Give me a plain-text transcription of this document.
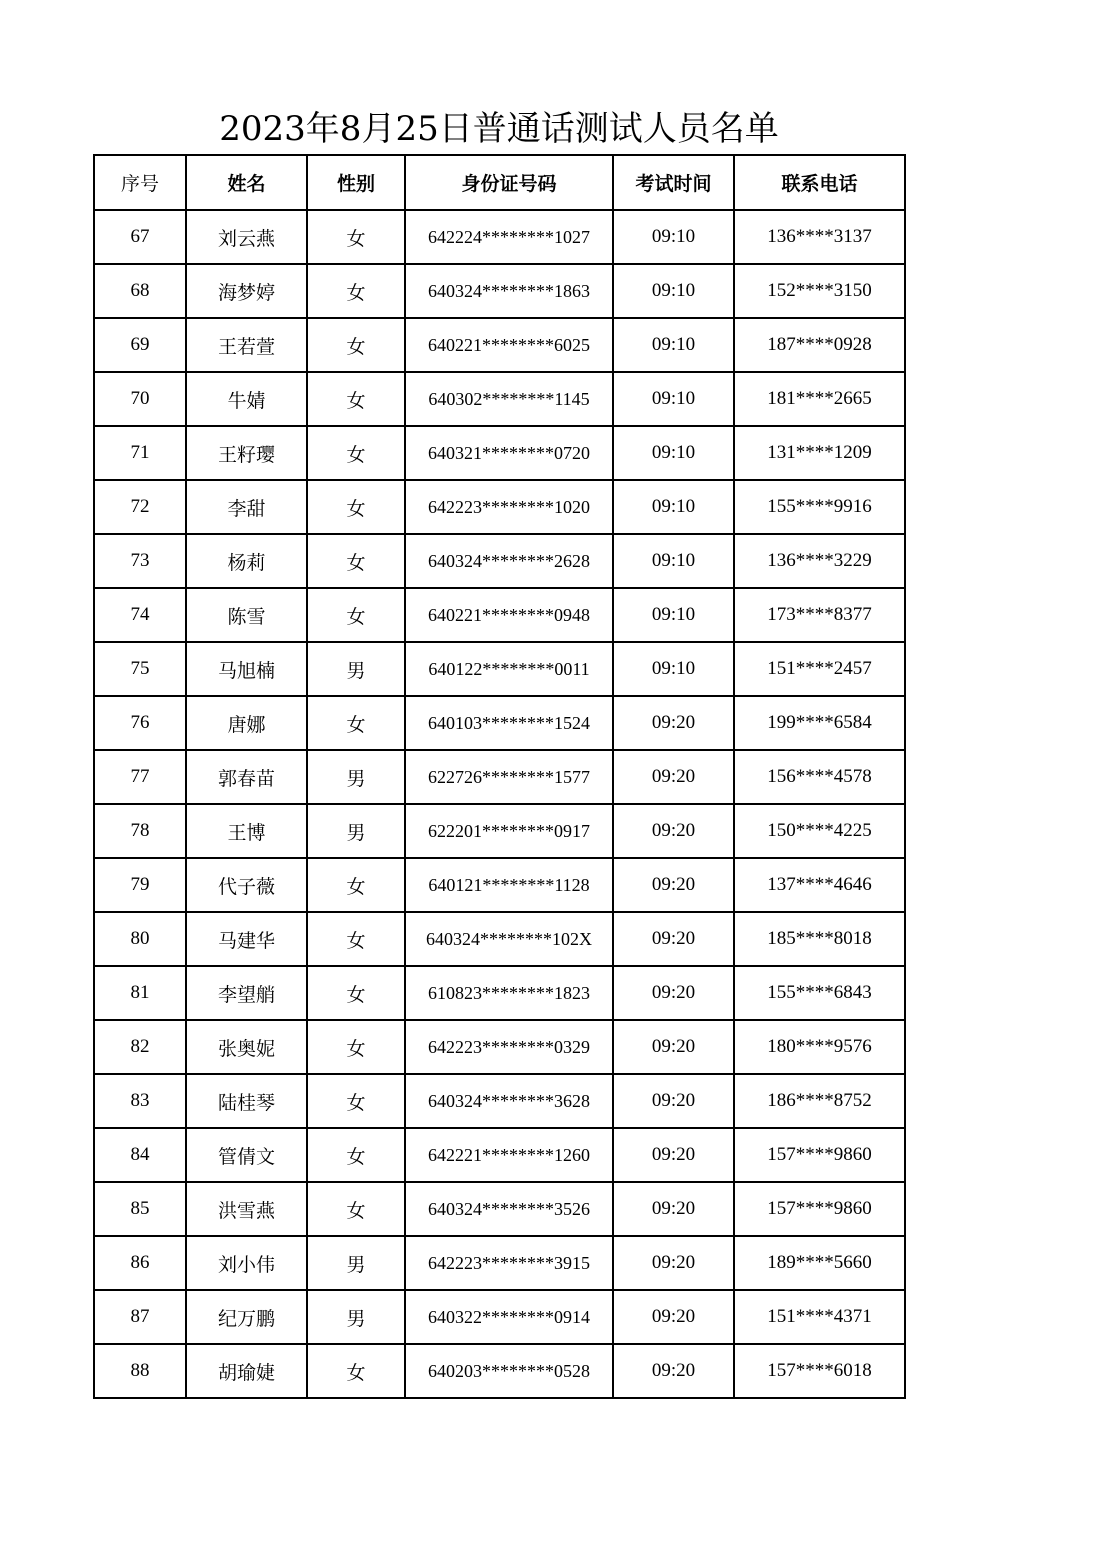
2023年8月25日普通话测试人员名单
序号	姓名	性别	身份证号码	考试时间	联系电话
67	刘云燕	女	642224********1027	09:10	136****3137
68	海梦婷	女	640324********1863	09:10	152****3150
69	王若萱	女	640221********6025	09:10	187****0928
70	牛婧	女	640302********1145	09:10	181****2665
71	王籽璎	女	640321********0720	09:10	131****1209
72	李甜	女	642223********1020	09:10	155****9916
73	杨莉	女	640324********2628	09:10	136****3229
74	陈雪	女	640221********0948	09:10	173****8377
75	马旭楠	男	640122********0011	09:10	151****2457
76	唐娜	女	640103********1524	09:20	199****6584
77	郭春苗	男	622726********1577	09:20	156****4578
78	王博	男	622201********0917	09:20	150****4225
79	代子薇	女	640121********1128	09:20	137****4646
80	马建华	女	640324********102X	09:20	185****8018
81	李望艄	女	610823********1823	09:20	155****6843
82	张奥妮	女	642223********0329	09:20	180****9576
83	陆桂琴	女	640324********3628	09:20	186****8752
84	管倩文	女	642221********1260	09:20	157****9860
85	洪雪燕	女	640324********3526	09:20	157****9860
86	刘小伟	男	642223********3915	09:20	189****5660
87	纪万鹏	男	640322********0914	09:20	151****4371
88	胡瑜婕	女	640203********0528	09:20	157****6018
